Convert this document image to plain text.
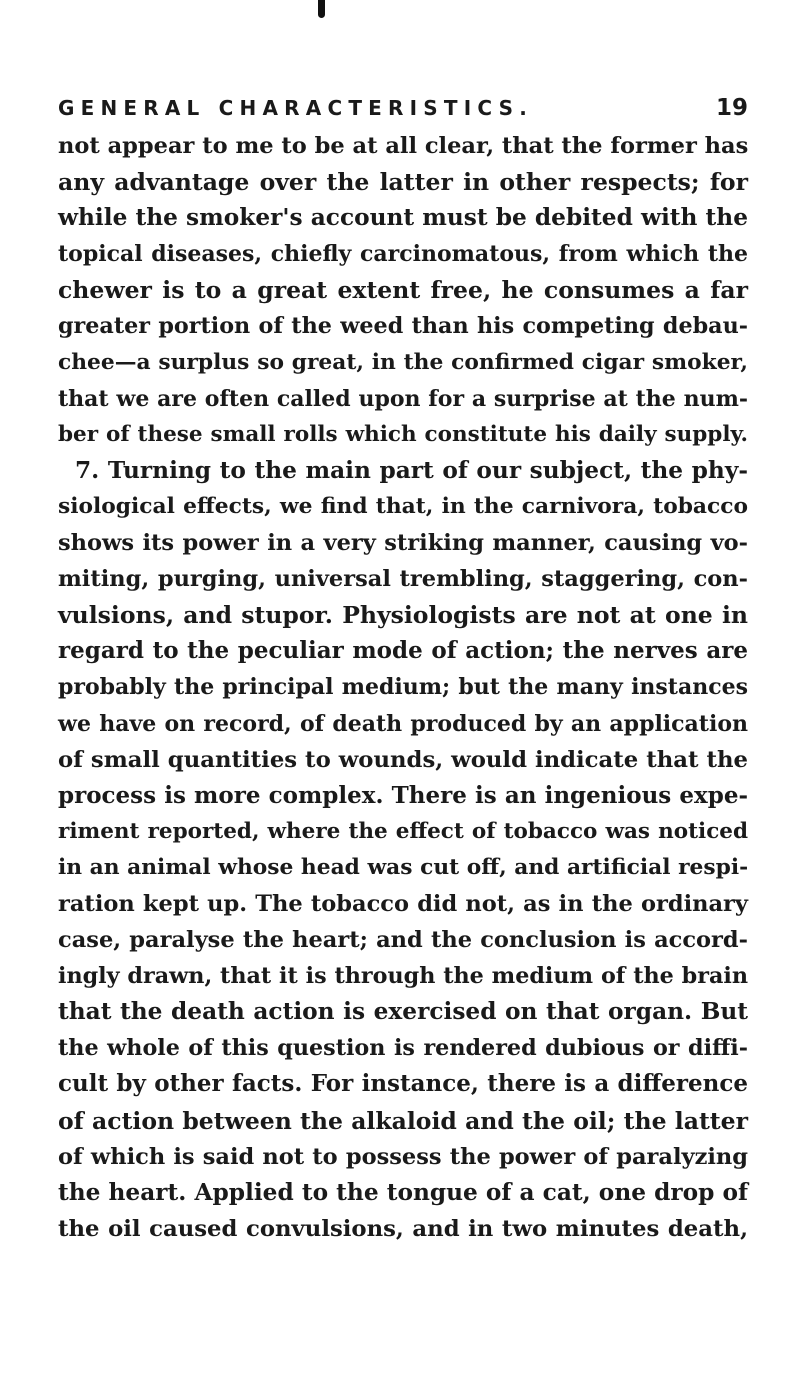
GENERAL CHARACTERISTICS.	19
not appear to me to be at all clear, that the former has
any advantage over the latter in other respects; for
while the smoker's account must be debited with the
topical diseases, chiefly carcinomatous, from which the
chewer is to a great extent free, he consumes a far
greater portion of the weed than his competing debau-
chee—a surplus so great, in the confirmed cigar smoker,
that we are often called upon for a surprise at the num-
ber of these small rolls which constitute his daily supply.
7. Turning to the main part of our subject, the phy-
siological effects, we find that, in the carnivora, tobacco
shows its power in a very striking manner, causing vo-
miting, purging, universal trembling, staggering, con-
vulsions, and stupor. Physiologists are not at one in
regard to the peculiar mode of action; the nerves are
probably the principal medium; but the many instances
we have on record, of death produced by an application
of small quantities to wounds, would indicate that the
process is more complex. There is an ingenious expe-
riment reported, where the effect of tobacco was noticed
in an animal whose head was cut off, and artificial respi-
ration kept up. The tobacco did not, as in the ordinary
case, paralyse the heart; and the conclusion is accord-
ingly drawn, that it is through the medium of the brain
that the death action is exercised on that organ. But
the whole of this question is rendered dubious or diffi-
cult by other facts. For instance, there is a difference
of action between the alkaloid and the oil; the latter
of which is said not to possess the power of paralyzing
the heart. Applied to the tongue of a cat, one drop of
the oil caused convulsions, and in two minutes death,
